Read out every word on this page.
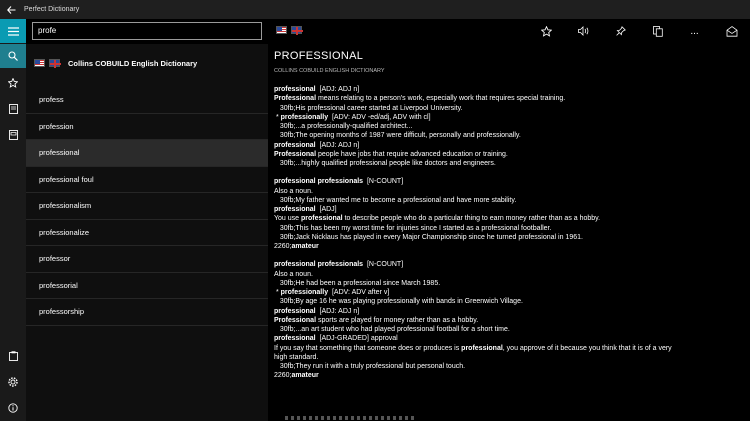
Perfect Dictionary
profe
Collins COBUILD English Dictionary
profess
profession
professional
professional foul
professionalism
professionalize
professor
professorial
professorship
...
PROFESSIONAL
COLLINS COBUILD ENGLISH DICTIONARY

professional  [ADJ: ADJ n]

Professional means relating to a person's work, especially work that requires special training.

30fb;His professional career started at Liverpool University.

* professionally  [ADV: ADV -ed/adj, ADV with cl]

30fb;...a professionally-qualified architect...

30fb;The opening months of 1987 were difficult, personally and professionally.

professional  [ADJ: ADJ n]

Professional people have jobs that require advanced education or training.

30fb;...highly qualified professional people like doctors and engineers.

professional professionals  [N-COUNT]

Also a noun.

30fb;My father wanted me to become a professional and have more stability.

professional  [ADJ]

You use professional to describe people who do a particular thing to earn money rather than as a hobby.

30fb;This has been my worst time for injuries since I started as a professional footballer.

30fb;Jack Nicklaus has played in every Major Championship since he turned professional in 1961.

2260;amateur

professional professionals  [N-COUNT]

Also a noun.

30fb;He had been a professional since March 1985.

* professionally  [ADV: ADV after v]

30fb;By age 16 he was playing professionally with bands in Greenwich Village.

professional  [ADJ: ADJ n]

Professional sports are played for money rather than as a hobby.

30fb;...an art student who had played professional football for a short time.

professional  [ADJ-GRADED] approval

If you say that something that someone does or produces is professional, you approve of it because you think that it is of a very

high standard.

30fb;They run it with a truly professional but personal touch.

2260;amateur
